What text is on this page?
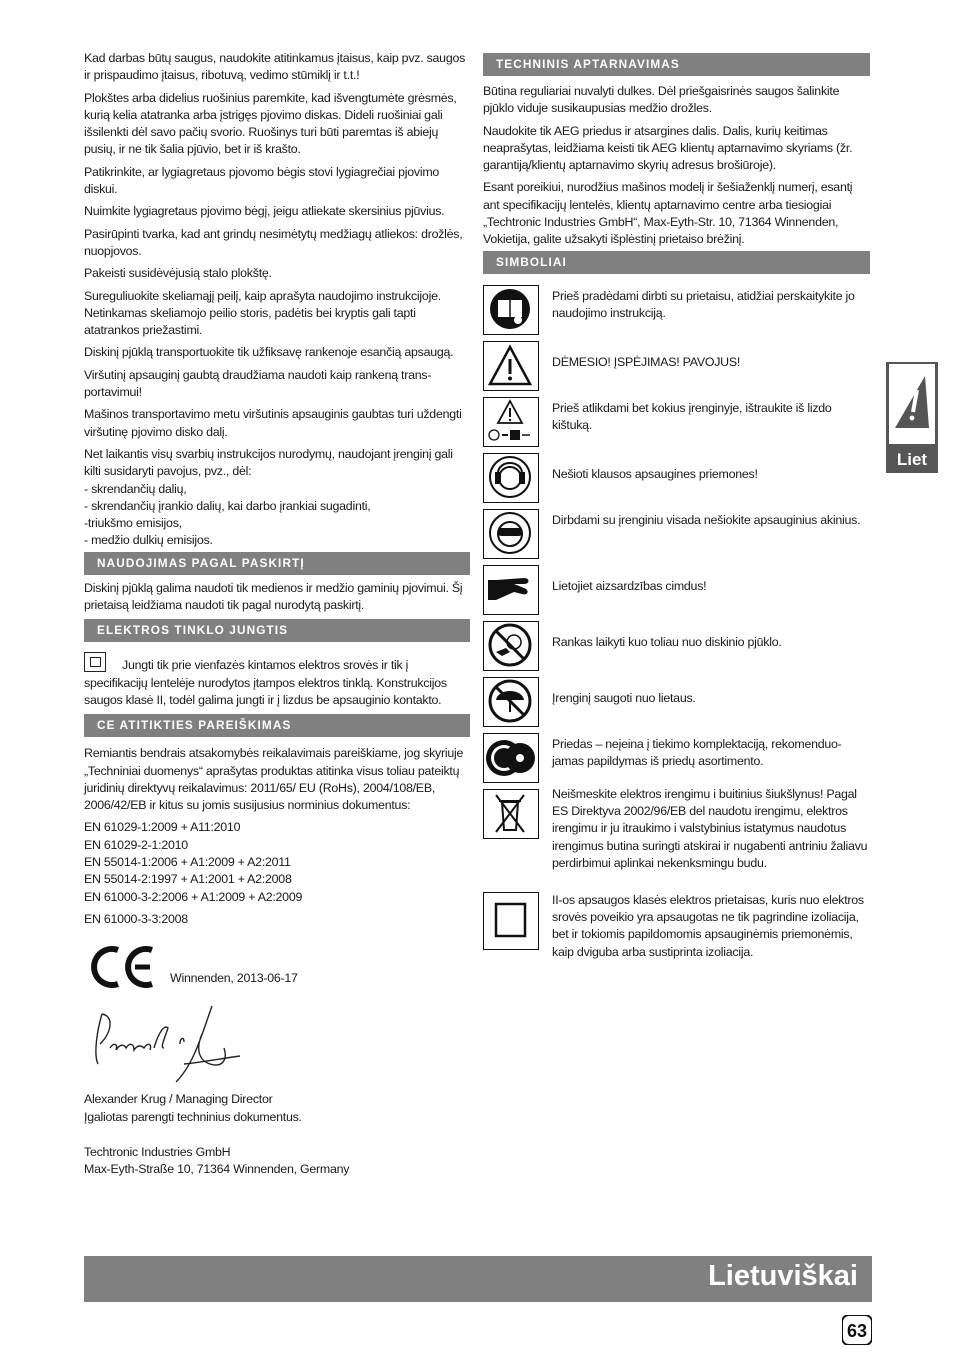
Kad darbas būtų saugus, naudokite atitinkamus įtaisus, kaip pvz. saugos ir prispaudimo įtaisus, ribotuvą, vedimo stūmiklį ir t.t.!

Plokštes arba didelius ruošinius paremkite, kad išvengtumėte grėsmės, kurią kelia atatranka arba įstrigęs pjovimo diskas. Dideli ruošiniai gali išsilenkti dėl savo pačių svorio. Ruošinys turi būti paremtas iš abiejų pusių, ir ne tik šalia pjūvio, bet ir iš krašto.

Patikrinkite, ar lygiagretaus pjovomo bėgis stovi lygiagrečiai pjovimo diskui.

Nuimkite lygiagretaus pjovimo bėgį, jeigu atliekate skersinius pjūvius.

Pasirūpinti tvarka, kad ant grindų nesimėtytų medžiagų atliekos: drožlės, nuopjovos.

Pakeisti susidėvėjusią stalo plokštę.

Sureguliuokite skeliamąjį peilį, kaip aprašyta naudojimo instrukcijoje. Netinkamas skeliamojo peilio storis, padėtis bei kryptis gali tapti atatrankos priežastimi.

Diskinį pjūklą transportuokite tik užfiksavę rankenoje esančią apsaugą.

Viršutinį apsauginį gaubtą draudžiama naudoti kaip rankeną trans-portavimui!

Mašinos transportavimo metu viršutinis apsauginis gaubtas turi uždengti viršutinę pjovimo disko dalį.

Net laikantis visų svarbių instrukcijos nurodymų, naudojant įrenginį gali kilti susidaryti pavojus, pvz., dėl:
- skrendančių dalių,
- skrendančių įrankio dalių, kai darbo įrankiai sugadinti,
-triukšmo emisijos,
- medžio dulkių emisijos.

NAUDOJIMAS PAGAL PASKIRTĮ

Diskinį pjūklą galima naudoti tik medienos ir medžio gaminių pjovimui. Šį prietaisą leidžiama naudoti tik pagal nurodytą paskirtį.

ELEKTROS TINKLO JUNGTIS

Jungti tik prie vienfazės kintamos elektros srovės ir tik į specifikacijų lentelėje nurodytos įtampos elektros tinklą. Konstrukcijos saugos klasė II, todėl galima jungti ir į lizdus be apsauginio kontakto.

CE ATITIKTIES PAREIŠKIMAS

Remiantis bendrais atsakomybės reikalavimais pareiškiame, jog skyriuje „Techniniai duomenys“ aprašytas produktas atitinka visus toliau pateiktų juridinių direktyvų reikalavimus: 2011/65/ EU (RoHs), 2004/108/EB, 2006/42/EB ir kitus su jomis susijusius norminius dokumentus:

EN 61029-1:2009 + A11:2010

EN 61029-2-1:2010

EN 55014-1:2006 + A1:2009 + A2:2011

EN 55014-2:1997 + A1:2001 + A2:2008

EN 61000-3-2:2006 + A1:2009 + A2:2009

EN 61000-3-3:2008

Winnenden, 2013-06-17

Alexander Krug / Managing Director
Įgaliotas parengti techninius dokumentus.

Techtronic Industries GmbH
Max-Eyth-Straße 10, 71364 Winnenden, Germany

TECHNINIS APTARNAVIMAS

Būtina reguliariai nuvalyti dulkes. Dėl priešgaisrinės saugos šalinkite pjūklo viduje susikaupusias medžio drožles.

Naudokite tik AEG priedus ir atsargines dalis. Dalis, kurių keitimas neaprašytas, leidžiama keisti tik AEG klientų aptarnavimo skyriams (žr. garantiją/klientų aptarnavimo skyrių adresus brošiūroje).

Esant poreikiui, nurodžius mašinos modelį ir šešiaženklį numerį, esantį ant specifikacijų lentelės, klientų aptarnavimo centre arba tiesiogiai „Techtronic Industries GmbH“, Max-Eyth-Str. 10, 71364 Winnenden, Vokietija, galite užsakyti išplėstinį prietaiso brėžinį.

SIMBOLIAI
Prieš pradėdami dirbti su prietaisu, atidžiai perskaitykite jo naudojimo instrukciją.
DĖMESIO! ĮSPĖJIMAS! PAVOJUS!
Prieš atlikdami bet kokius įrenginyje, ištraukite iš lizdo kištuką.
Nešioti klausos apsaugines priemones!
Dirbdami su įrenginiu visada nešiokite apsauginius akinius.
Lietojiet aizsardzības cimdus!
Rankas laikyti kuo toliau nuo diskinio pjūklo.
Įrenginį saugoti nuo lietaus.
Priedas – neįeina į tiekimo komplektaciją, rekomenduo-jamas papildymas iš priedų asortimento.
Neišmeskite elektros irengimu i buitinius šiukšlynus! Pagal ES Direktyva 2002/96/EB del naudotu irengimu, elektros irengimu ir ju itraukimo i valstybinius istatymus naudotus irengimus butina suringti atskirai ir nugabenti antriniu žaliavu perdirbimui aplinkai nekenksmingu budu.
II-os apsaugos klasės elektros prietaisas, kuris nuo elektros srovės poveikio yra apsaugotas ne tik pagrindine izoliacija, bet ir tokiomis papildomomis apsauginėmis priemonėmis, kaip dviguba arba sustiprinta izoliacija.
Liet
Lietuviškai
63
